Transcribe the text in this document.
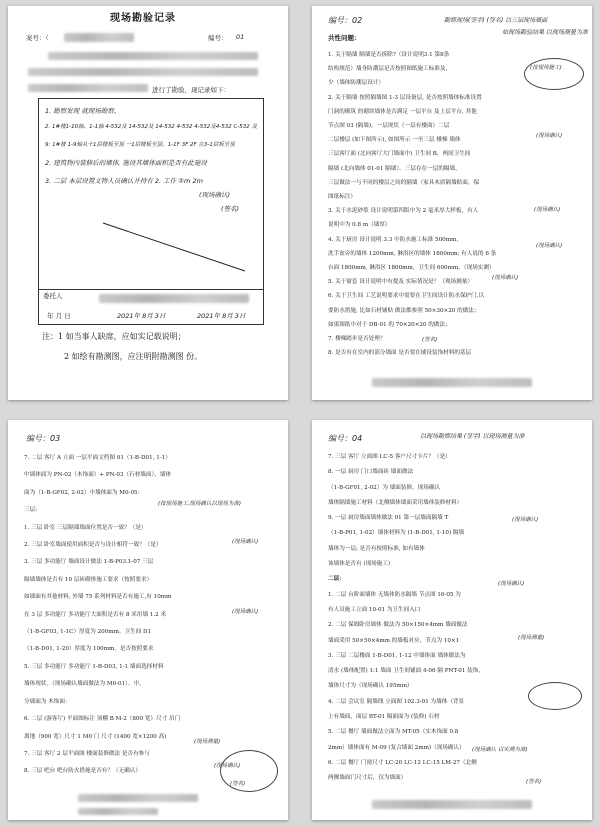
现场勘验记录
案号：（	编号： 01
进行了勘验，现记录如下：
1. 勘察发现 就现场勘察，
2. 1#楼1-10轴、1-1轴 4-532及 14-532及 14-532 4-532 4-532及4-532 C-532 及
9: 1#楼 1-9轴从十1层楼板至顶 一1层楼板至顶。1-1F 3F 2F 在3-1层板至顶
2. 建筑物内装修后的墙体, 施设其墙体面积是否有此施设
3. 二层 本层设置文物人员确认并持有 2. 工作 ②m 2m
(现场确认)
(签名)
委托人
年 月 日	2021年 8月 3日	2021年 8月 3日
注：1 如当事人缺席，应如实记载说明；
2 如绘有勘测图，应注明附勘测图 份。
编号：02	勘察现场(签字) (签名) 以三层现场墙面
如现场勘验结果 以现场测量为准
共性问题：
1. 关于隔墙 隔墙是否拆除?（设计说明3.1 第8条
结构规范）墙身防潮层是否按照图纸施工标准及，
少（墙体防潮层设计）
2. 关于隔墙 按照隔墙图 1-3 层设备层, 是否按照墙体标准设置
门洞的砌筑 的砌块墙体是否满足 一层平台 及上层平台, 其他
节点图 03 (隔墙)，一层现状（一层有楼面）二层
二层楼层 (如下图所示), 如图所示 一至三层 楼梯 墙体
三层客厅面 (北向客厅大门墙面中) 卫生间 B，两间卫生间
隔墙 (北向墙体 01-01 隔墙）。三层存在一层的隔墙，
三层做法一与不同的楼层之间的隔墙（家具木质隔墙贴面，保
图纸标注）
3. 关于水泥砂浆 设计说明第四版中为 2 毫米厚大样板，有人
说明中为 0.8 m（墙厚）
4. 关于厨房 设计说明 3.3 中防水施工标准 500mm，
洗手盆旁的墙体 1200mm, 淋浴区的墙体 1800mm; 有人说的 6 条
台面 1800mm, 淋浴区 1800mm，卫生间 600mm。（现场实测）
5. 关于窗套 设计说明中有提及 实际情况是？（现场测量）
6. 关于卫生间 工艺说明要求中需要在卫生间设计防水保护门,以
要防水措施, 比如石材铺贴 做法都参照 50×30×20 的做法；
如果图纸中对于 DB-01 的 70×20×20 的做法；
7. 楼梯踏步是否处理？
8. 是否有在室内的部分墙面 是否要在铺设装饰材料的基层
(按现场施工)
(现场确认)
(现场确认)
(现场确认)
(现场确认)
(签名)
编号：03
7. 二层 客厅 A 立面 一层平面文档图 01（1-B-D01, 1-1）
中墙体面为 PN-02（木饰面）+ PN-03（石材墙面），墙体
面为（1-B-GF02, 2-02）中墙体面为 M0-05：
三层:
1. 三层 卧室 三层隔墙墙面位置是否一致？（是）
2. 三层 卧室墙面使用面积是否与设计相符一致？（是）
3. 三层 多功能厅 墙面设计做法 1-B-P03.1-07 三层
隔墙墙体是否有 10 层砖砌体施工要求（按照要求）
如墙面有其他材料, 外墙 75 系列材料是否有施工,有 10mm
在 3 层 多功能厅 多功能厅大面积是否有 8 米用墙 1.2 米
（1-B-GF03, 1-1C）厚度为 200mm。卫生间 D1
（1-B-D01, 1-20）厚度为 100mm。是否按照要求
5. 三层 多功能厅 多功能厅 1-B-D03, 1-1 墙面选择材料
墙体现状。（现场确认墙面做法为 M0-01）。中，
分墙面为 木饰面：
6. 二层 (游客厅) 平面图标注 顶棚 B M-2（800 宽）尺寸 吊门
离地（900 宽）尺寸 1 M0 门 尺寸 (1400 宽×1200 高)
7. 三层 客厅 2 层平面图 楼面装修做法 是否有参与
8. 三层 吧台 吧台防火措施是否有？（无确认）
(按现场施工,现场确认以现场为准)
(现场确认)
(现场确认)
(现场测量)
(现场确认)
(签名)
编号：04	以现场勘察结果 (签字) 以现场测量为准
7. 三层 客厅 立面图 LC-5 客户尺寸卡片？（是）
8. 一层 厨房 门口墙面砖 墙面做法
（1-B-GF01, 2-02）为 墙面装修，现场确认
墙体隔墙施工材料（北侧墙体墙面采用墙体装修材料）
9. 一层 厨房墙面墙体做法 01 第一层墙面隔墙 T
（1-B-P01, 1-02）墙体材料为 (1-B-D01, 1-10) 隔墙
墙体为一层; 是否有按照标准, 如有墙体
该墙体是否有 (现场施工)
二层：
1. 二层 台阶面墙体 无墙体防水隔墙 节点图 16-05 为
有人员施工立面 10-01 为卫生间入口
2. 二层 保姆卧房墙体 做法为 50×150×4mm 墙面做法
墙面采用 50×50×4mm 的墙板对应，节点为 10×1
3. 三层 二层楼面 1-B-D01, 1-12 中墙体面 墙体做法为
清水 (墙体配置) 1:1 墙面 卫生间铺面 4-06 隔 PNT-01 装饰，
墙体尺寸为（现场确认 195mm）
4. 二层 会议室 隔墙线 立面图 102.3-01 为墙体（背景
上有墙面，面层 BT-01 隔面面为 (装修) 石材
5. 二层 餐厅 墙面做法立面为 MT-05（实木饰面 0.8
2mm）墙体面有 M-09 (复合墙面 2mm)（现场确认）
6. 二层 餐厅 门窗尺寸 LC-20 LC-12 LC-15 LM-27（北侧
两侧墙面门尺寸后，仅为墙面）
(现场确认)
(现场确认)
(现场测量)
(现场确认 以实测为准)
(签名)
